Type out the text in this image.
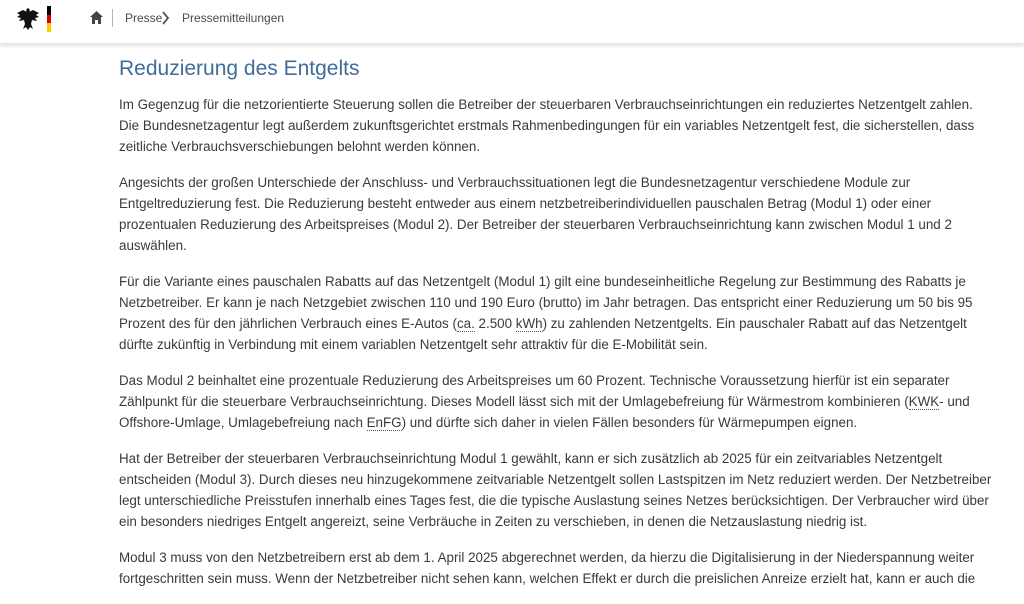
Presse Pressemitteilungen
Reduzierung des Entgelts

Im Gegenzug für die netzorientierte Steuerung sollen die Betreiber der steuerbaren Verbrauchseinrichtungen ein reduziertes Netzentgelt zahlen. Die Bundesnetzagentur legt außerdem zukunftsgerichtet erstmals Rahmenbedingungen für ein variables Netzentgelt fest, die sicherstellen, dass zeitliche Verbrauchsverschiebungen belohnt werden können.

Angesichts der großen Unterschiede der Anschluss- und Verbrauchssituationen legt die Bundesnetzagentur verschiedene Module zur Entgeltreduzierung fest. Die Reduzierung besteht entweder aus einem netzbetreiberindividuellen pauschalen Betrag (Modul 1) oder einer prozentualen Reduzierung des Arbeitspreises (Modul 2). Der Betreiber der steuerbaren Verbrauchseinrichtung kann zwischen Modul 1 und 2 auswählen.

Für die Variante eines pauschalen Rabatts auf das Netzentgelt (Modul 1) gilt eine bundeseinheitliche Regelung zur Bestimmung des Rabatts je Netzbetreiber. Er kann je nach Netzgebiet zwischen 110 und 190 Euro (brutto) im Jahr betragen. Das entspricht einer Reduzierung um 50 bis 95 Prozent des für den jährlichen Verbrauch eines E-Autos (ca. 2.500 kWh) zu zahlenden Netzentgelts. Ein pauschaler Rabatt auf das Netzentgelt dürfte zukünftig in Verbindung mit einem variablen Netzentgelt sehr attraktiv für die E-Mobilität sein.

Das Modul 2 beinhaltet eine prozentuale Reduzierung des Arbeitspreises um 60 Prozent. Technische Voraussetzung hierfür ist ein separater Zählpunkt für die steuerbare Verbrauchseinrichtung. Dieses Modell lässt sich mit der Umlagebefreiung für Wärmestrom kombinieren (KWK- und Offshore-Umlage, Umlagebefreiung nach EnFG) und dürfte sich daher in vielen Fällen besonders für Wärmepumpen eignen.

Hat der Betreiber der steuerbaren Verbrauchseinrichtung Modul 1 gewählt, kann er sich zusätzlich ab 2025 für ein zeitvariables Netzentgelt entscheiden (Modul 3). Durch dieses neu hinzugekommene zeitvariable Netzentgelt sollen Lastspitzen im Netz reduziert werden. Der Netzbetreiber legt unterschiedliche Preisstufen innerhalb eines Tages fest, die die typische Auslastung seines Netzes berücksichtigen. Der Verbraucher wird über ein besonders niedriges Entgelt angereizt, seine Verbräuche in Zeiten zu verschieben, in denen die Netzauslastung niedrig ist.

Modul 3 muss von den Netzbetreibern erst ab dem 1. April 2025 abgerechnet werden, da hierzu die Digitalisierung in der Niederspannung weiter fortgeschritten sein muss. Wenn der Netzbetreiber nicht sehen kann, welchen Effekt er durch die preislichen Anreize erzielt hat, kann er auch die
